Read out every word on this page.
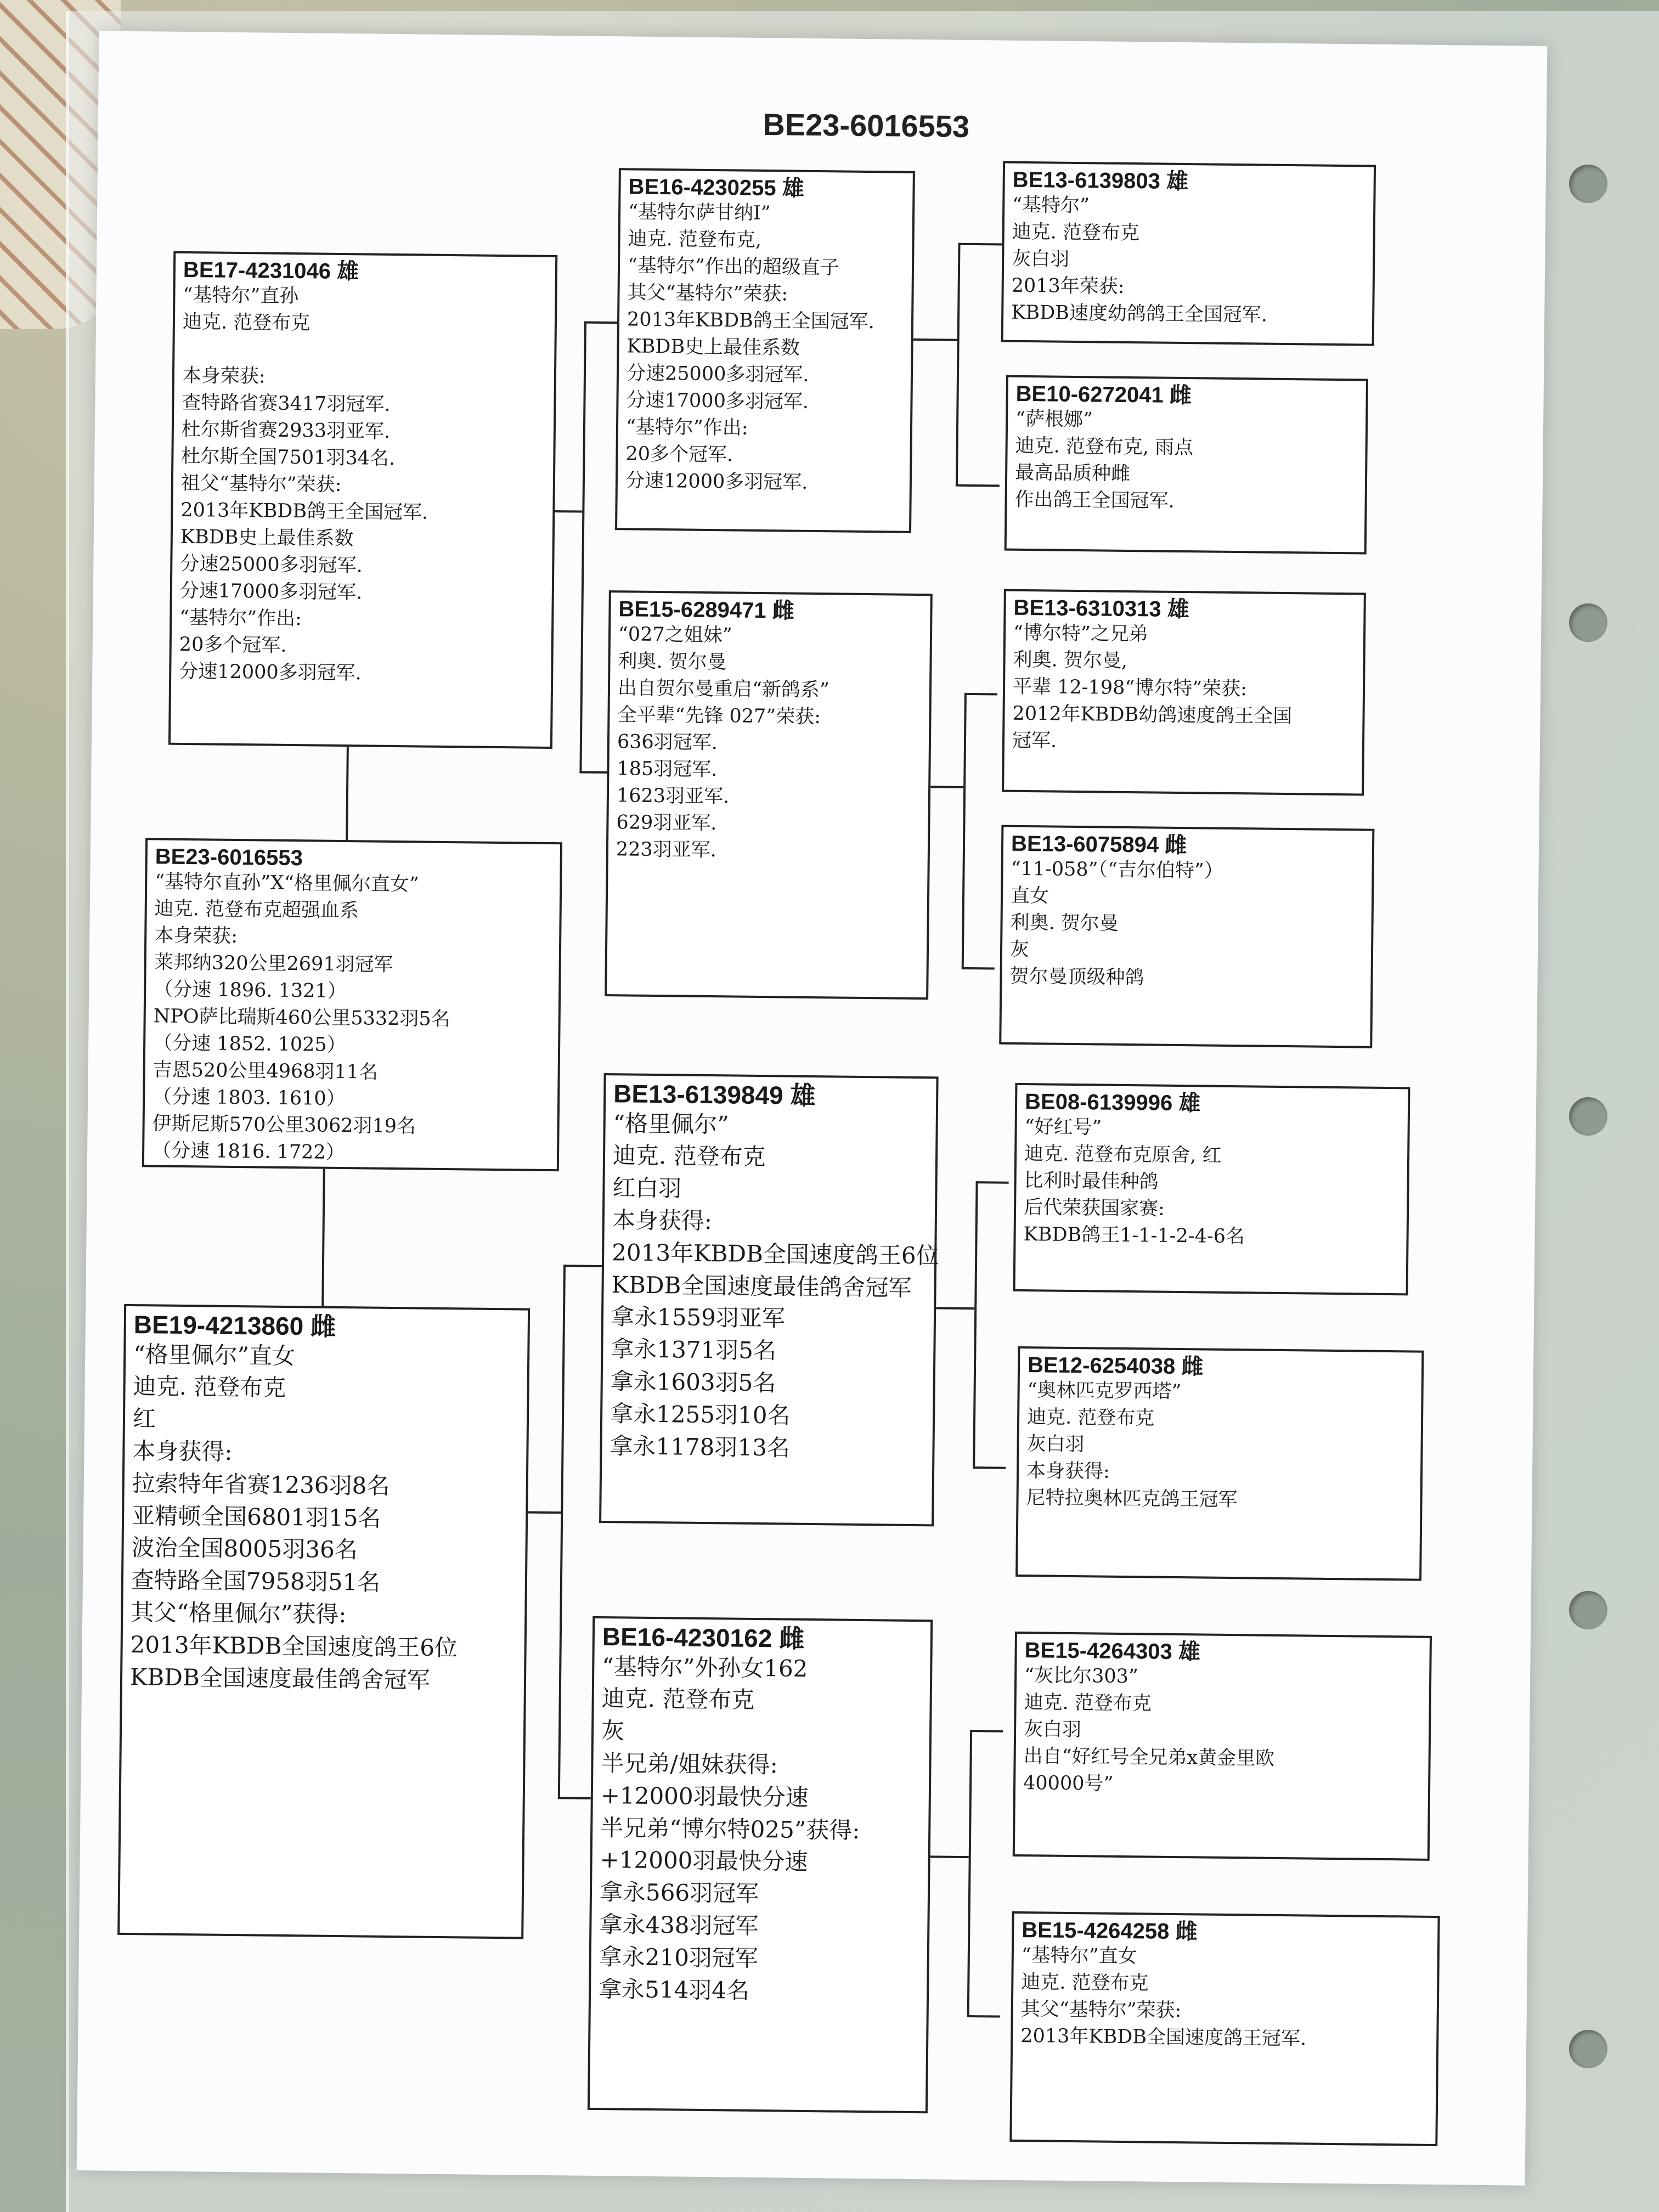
BE23-6016553
BE17-4231046 雄
“基特尔”直孙
迪克. 范登布克

本身荣获:
查特路省赛3417羽冠军.
杜尔斯省赛2933羽亚军.
杜尔斯全国7501羽34名.
祖父“基特尔”荣获:
2013年KBDB鸽王全国冠军.
KBDB史上最佳系数
分速25000多羽冠军.
分速17000多羽冠军.
“基特尔”作出:
20多个冠军.
分速12000多羽冠军.
BE23-6016553
“基特尔直孙”X“格里佩尔直女”
迪克. 范登布克超强血系
本身荣获:
莱邦纳320公里2691羽冠军
（分速 1896. 1321）
NPO萨比瑞斯460公里5332羽5名
（分速 1852. 1025）
吉恩520公里4968羽11名
（分速 1803. 1610）
伊斯尼斯570公里3062羽19名
（分速 1816. 1722）
BE19-4213860 雌
“格里佩尔”直女
迪克. 范登布克
红
本身获得:
拉索特年省赛1236羽8名
亚精顿全国6801羽15名
波治全国8005羽36名
查特路全国7958羽51名
其父“格里佩尔”获得:
2013年KBDB全国速度鸽王6位
KBDB全国速度最佳鸽舍冠军
BE16-4230255 雄
“基特尔萨甘纳I”
迪克. 范登布克,
“基特尔”作出的超级直子
其父“基特尔”荣获:
2013年KBDB鸽王全国冠军.
KBDB史上最佳系数
分速25000多羽冠军.
分速17000多羽冠军.
“基特尔”作出:
20多个冠军.
分速12000多羽冠军.
BE15-6289471 雌
“027之姐妹”
利奥. 贺尔曼
出自贺尔曼重启“新鸽系”
全平辈“先锋 027”荣获:
636羽冠军.
185羽冠军.
1623羽亚军.
629羽亚军.
223羽亚军.
BE13-6139849 雄
“格里佩尔”
迪克. 范登布克
红白羽
本身获得:
2013年KBDB全国速度鸽王6位
KBDB全国速度最佳鸽舍冠军
拿永1559羽亚军
拿永1371羽5名
拿永1603羽5名
拿永1255羽10名
拿永1178羽13名
BE16-4230162 雌
“基特尔”外孙女162
迪克. 范登布克
灰
半兄弟/姐妹获得:
+12000羽最快分速
半兄弟“博尔特025”获得:
+12000羽最快分速
拿永566羽冠军
拿永438羽冠军
拿永210羽冠军
拿永514羽4名
BE13-6139803 雄
“基特尔”
迪克. 范登布克
灰白羽
2013年荣获:
KBDB速度幼鸽鸽王全国冠军.
BE10-6272041 雌
“萨根娜”
迪克. 范登布克, 雨点
最高品质种雌
作出鸽王全国冠军.
BE13-6310313 雄
“博尔特”之兄弟
利奥. 贺尔曼,
平辈 12-198“博尔特”荣获:
2012年KBDB幼鸽速度鸽王全国
冠军.
BE13-6075894 雌
“11-058”（“吉尔伯特”）
直女
利奥. 贺尔曼
灰
贺尔曼顶级种鸽
BE08-6139996 雄
“好红号”
迪克. 范登布克原舍, 红
比利时最佳种鸽
后代荣获国家赛:
KBDB鸽王1-1-1-2-4-6名
BE12-6254038 雌
“奥林匹克罗西塔”
迪克. 范登布克
灰白羽
本身获得:
尼特拉奥林匹克鸽王冠军
BE15-4264303 雄
“灰比尔303”
迪克. 范登布克
灰白羽
出自“好红号全兄弟x黄金里欧
40000号”
BE15-4264258 雌
“基特尔”直女
迪克. 范登布克
其父“基特尔”荣获:
2013年KBDB全国速度鸽王冠军.
